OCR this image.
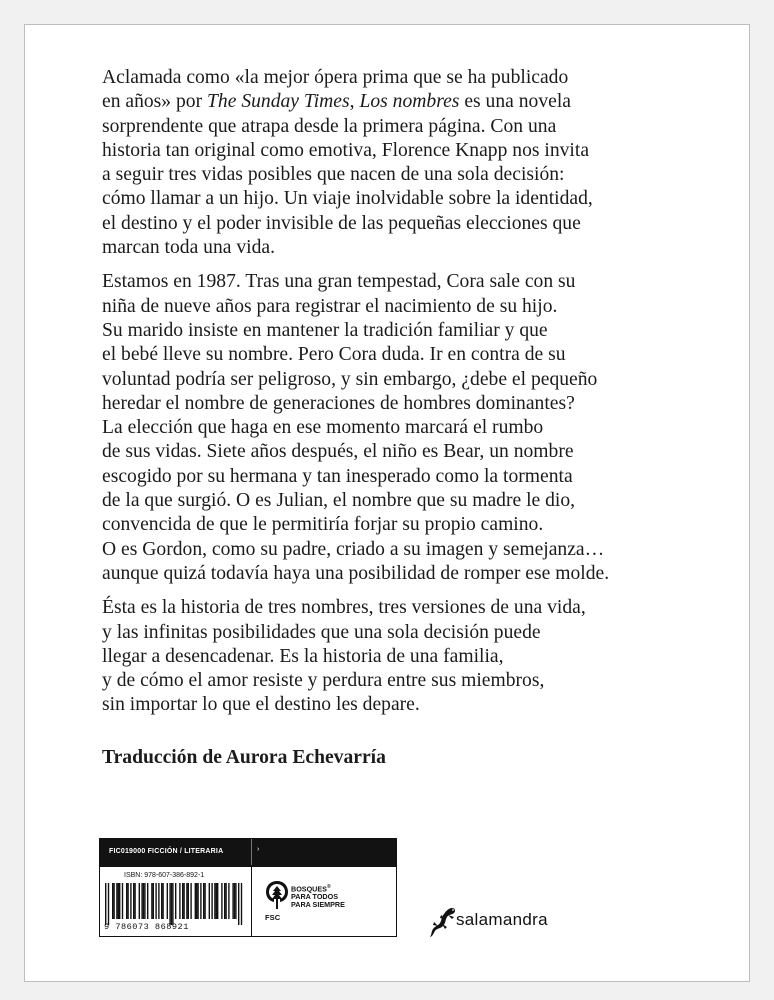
Aclamada como «la mejor ópera prima que se ha publicado
en años» por The Sunday Times, Los nombres es una novela
sorprendente que atrapa desde la primera página. Con una
historia tan original como emotiva, Florence Knapp nos invita
a seguir tres vidas posibles que nacen de una sola decisión:
cómo llamar a un hijo. Un viaje inolvidable sobre la identidad,
el destino y el poder invisible de las pequeñas elecciones que
marcan toda una vida.

Estamos en 1987. Tras una gran tempestad, Cora sale con su
niña de nueve años para registrar el nacimiento de su hijo.
Su marido insiste en mantener la tradición familiar y que
el bebé lleve su nombre. Pero Cora duda. Ir en contra de su
voluntad podría ser peligroso, y sin embargo, ¿debe el pequeño
heredar el nombre de generaciones de hombres dominantes?
La elección que haga en ese momento marcará el rumbo
de sus vidas. Siete años después, el niño es Bear, un nombre
escogido por su hermana y tan inesperado como la tormenta
de la que surgió. O es Julian, el nombre que su madre le dio,
convencida de que le permitiría forjar su propio camino.
O es Gordon, como su padre, criado a su imagen y semejanza…
aunque quizá todavía haya una posibilidad de romper ese molde.

Ésta es la historia de tres nombres, tres versiones de una vida,
y las infinitas posibilidades que una sola decisión puede
llegar a desencadenar. Es la historia de una familia,
y de cómo el amor resiste y perdura entre sus miembros,
sin importar lo que el destino les depare.

Traducción de Aurora Echevarría
FIC019000 FICCIÓN / LITERARIA	›
ISBN: 978-607-386-892-1
9 786073 868921
BOSQUES®
PARA TODOS
PARA SIEMPRE
FSC	salamandra
